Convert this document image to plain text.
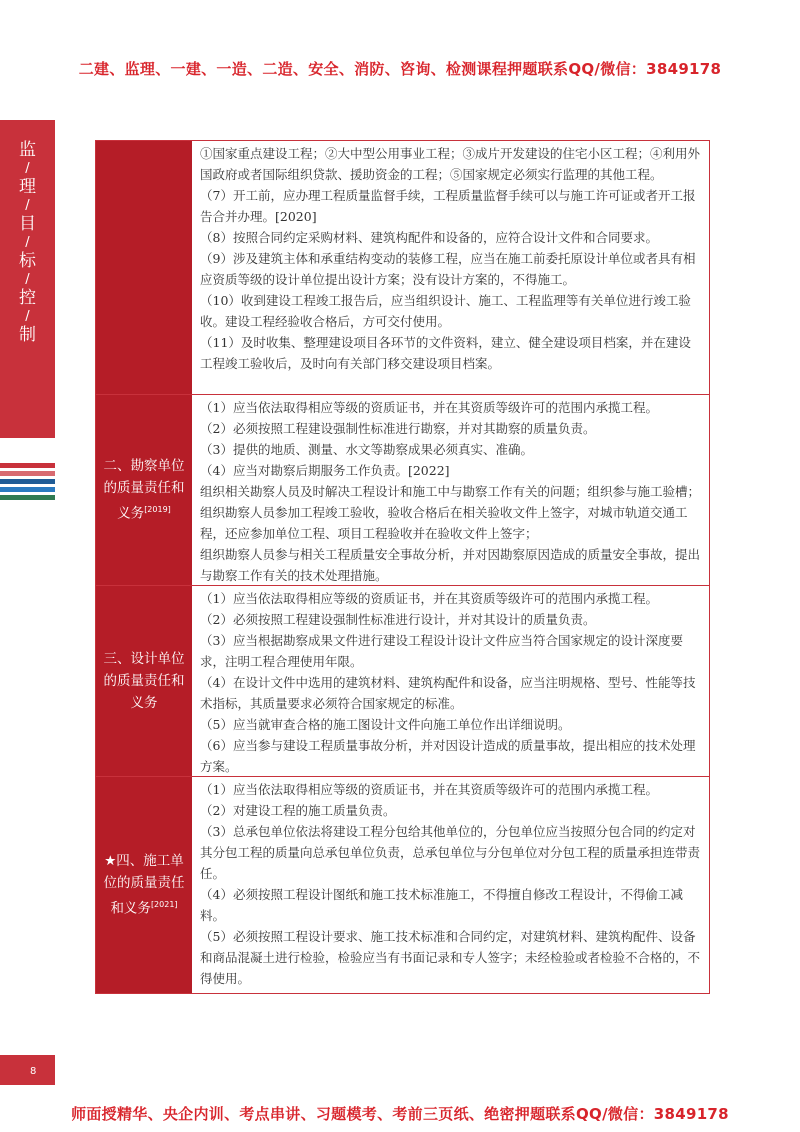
二建、监理、一建、一造、二造、安全、消防、咨询、检测课程押题联系QQ/微信：3849178
监
/
理
/
目
/
标
/
控
/
制

①国家重点建设工程；②大中型公用事业工程；③成片开发建设的住宅小区工程；④利用外国政府或者国际组织贷款、援助资金的工程；⑤国家规定必须实行监理的其他工程。

（7）开工前，应办理工程质量监督手续，工程质量监督手续可以与施工许可证或者开工报告合并办理。[2020]

（8）按照合同约定采购材料、建筑构配件和设备的，应符合设计文件和合同要求。

（9）涉及建筑主体和承重结构变动的装修工程，应当在施工前委托原设计单位或者具有相应资质等级的设计单位提出设计方案；没有设计方案的，不得施工。

（10）收到建设工程竣工报告后，应当组织设计、施工、工程监理等有关单位进行竣工验收。建设工程经验收合格后，方可交付使用。

（11）及时收集、整理建设项目各环节的文件资料，建立、健全建设项目档案，并在建设工程竣工验收后，及时向有关部门移交建设项目档案。

二、勘察单位
的质量责任和
义务[2019]

（1）应当依法取得相应等级的资质证书，并在其资质等级许可的范围内承揽工程。

（2）必须按照工程建设强制性标准进行勘察，并对其勘察的质量负责。

（3）提供的地质、测量、水文等勘察成果必须真实、准确。

（4）应当对勘察后期服务工作负责。[2022]

组织相关勘察人员及时解决工程设计和施工中与勘察工作有关的问题；组织参与施工验槽；组织勘察人员参加工程竣工验收，验收合格后在相关验收文件上签字，对城市轨道交通工程，还应参加单位工程、项目工程验收并在验收文件上签字；

组织勘察人员参与相关工程质量安全事故分析，并对因勘察原因造成的质量安全事故，提出与勘察工作有关的技术处理措施。

三、设计单位
的质量责任和
义务

（1）应当依法取得相应等级的资质证书，并在其资质等级许可的范围内承揽工程。

（2）必须按照工程建设强制性标准进行设计，并对其设计的质量负责。

（3）应当根据勘察成果文件进行建设工程设计设计文件应当符合国家规定的设计深度要求，注明工程合理使用年限。

（4）在设计文件中选用的建筑材料、建筑构配件和设备，应当注明规格、型号、性能等技术指标，其质量要求必须符合国家规定的标准。

（5）应当就审查合格的施工图设计文件向施工单位作出详细说明。

（6）应当参与建设工程质量事故分析，并对因设计造成的质量事故，提出相应的技术处理方案。

★四、施工单
位的质量责任
和义务[2021]

（1）应当依法取得相应等级的资质证书，并在其资质等级许可的范围内承揽工程。

（2）对建设工程的施工质量负责。

（3）总承包单位依法将建设工程分包给其他单位的，分包单位应当按照分包合同的约定对其分包工程的质量向总承包单位负责，总承包单位与分包单位对分包工程的质量承担连带责任。

（4）必须按照工程设计图纸和施工技术标准施工，不得擅自修改工程设计，不得偷工减料。

（5）必须按照工程设计要求、施工技术标准和合同约定，对建筑材料、建筑构配件、设备和商品混凝土进行检验，检验应当有书面记录和专人签字；未经检验或者检验不合格的，不得使用。

8
师面授精华、央企内训、考点串讲、习题模考、考前三页纸、绝密押题联系QQ/微信：3849178
